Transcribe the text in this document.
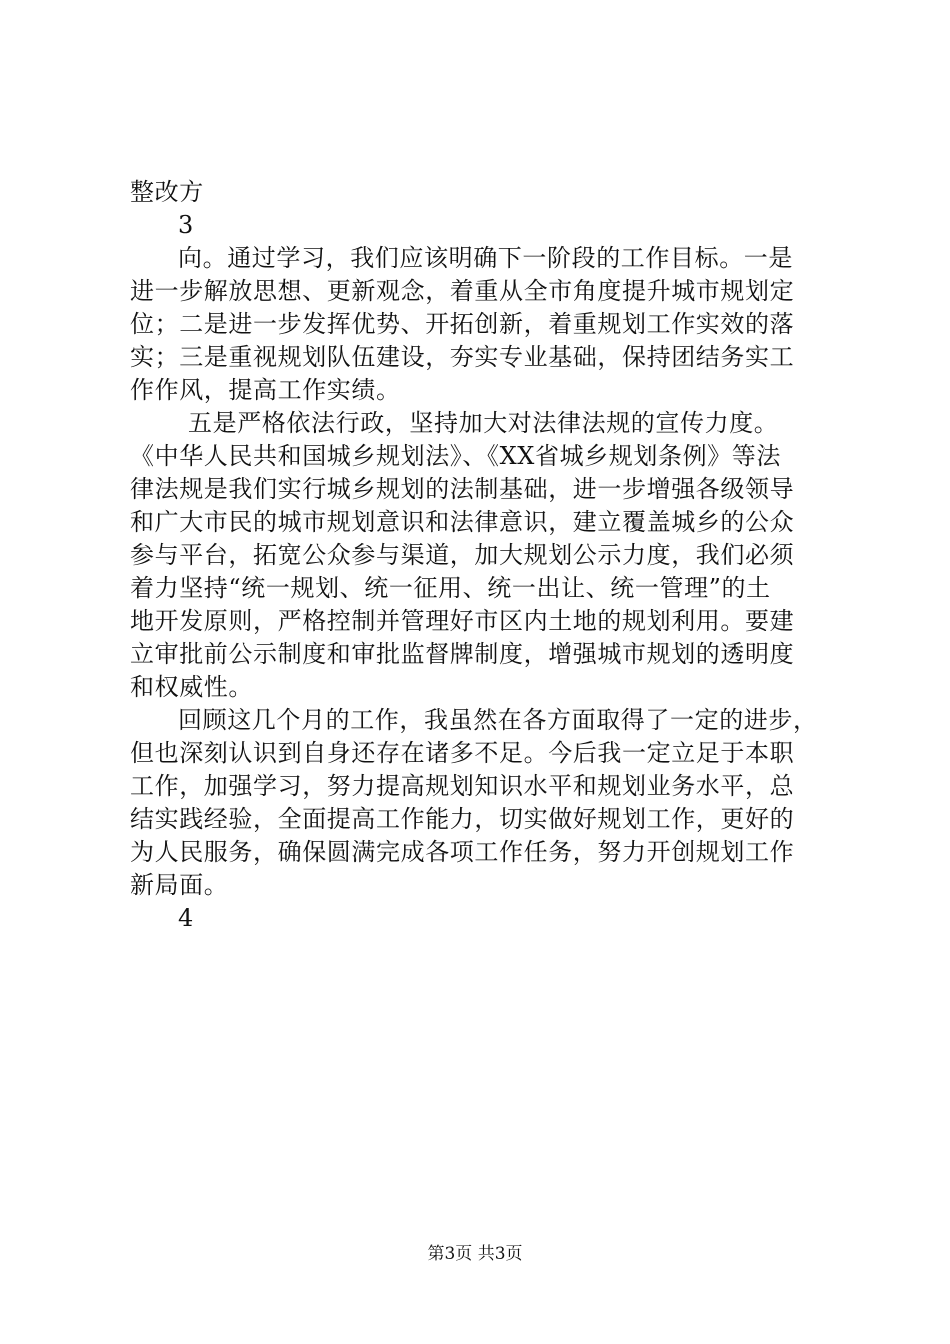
整改方
3
向。通过学习，我们应该明确下一阶段的工作目标。一是
进一步解放思想、更新观念，着重从全市角度提升城市规划定
位；二是进一步发挥优势、开拓创新，着重规划工作实效的落
实；三是重视规划队伍建设，夯实专业基础，保持团结务实工
作作风，提高工作实绩。
五是严格依法行政，坚持加大对法律法规的宣传力度。
《中华人民共和国城乡规划法》、《XX省城乡规划条例》等法
律法规是我们实行城乡规划的法制基础，进一步增强各级领导
和广大市民的城市规划意识和法律意识，建立覆盖城乡的公众
参与平台，拓宽公众参与渠道，加大规划公示力度，我们必须
着力坚持“统一规划、统一征用、统一出让、统一管理”的土
地开发原则，严格控制并管理好市区内土地的规划利用。要建
立审批前公示制度和审批监督牌制度，增强城市规划的透明度
和权威性。
回顾这几个月的工作，我虽然在各方面取得了一定的进步，
但也深刻认识到自身还存在诸多不足。今后我一定立足于本职
工作，加强学习，努力提高规划知识水平和规划业务水平，总
结实践经验，全面提高工作能力，切实做好规划工作，更好的
为人民服务，确保圆满完成各项工作任务，努力开创规划工作
新局面。
4
第3页 共3页
